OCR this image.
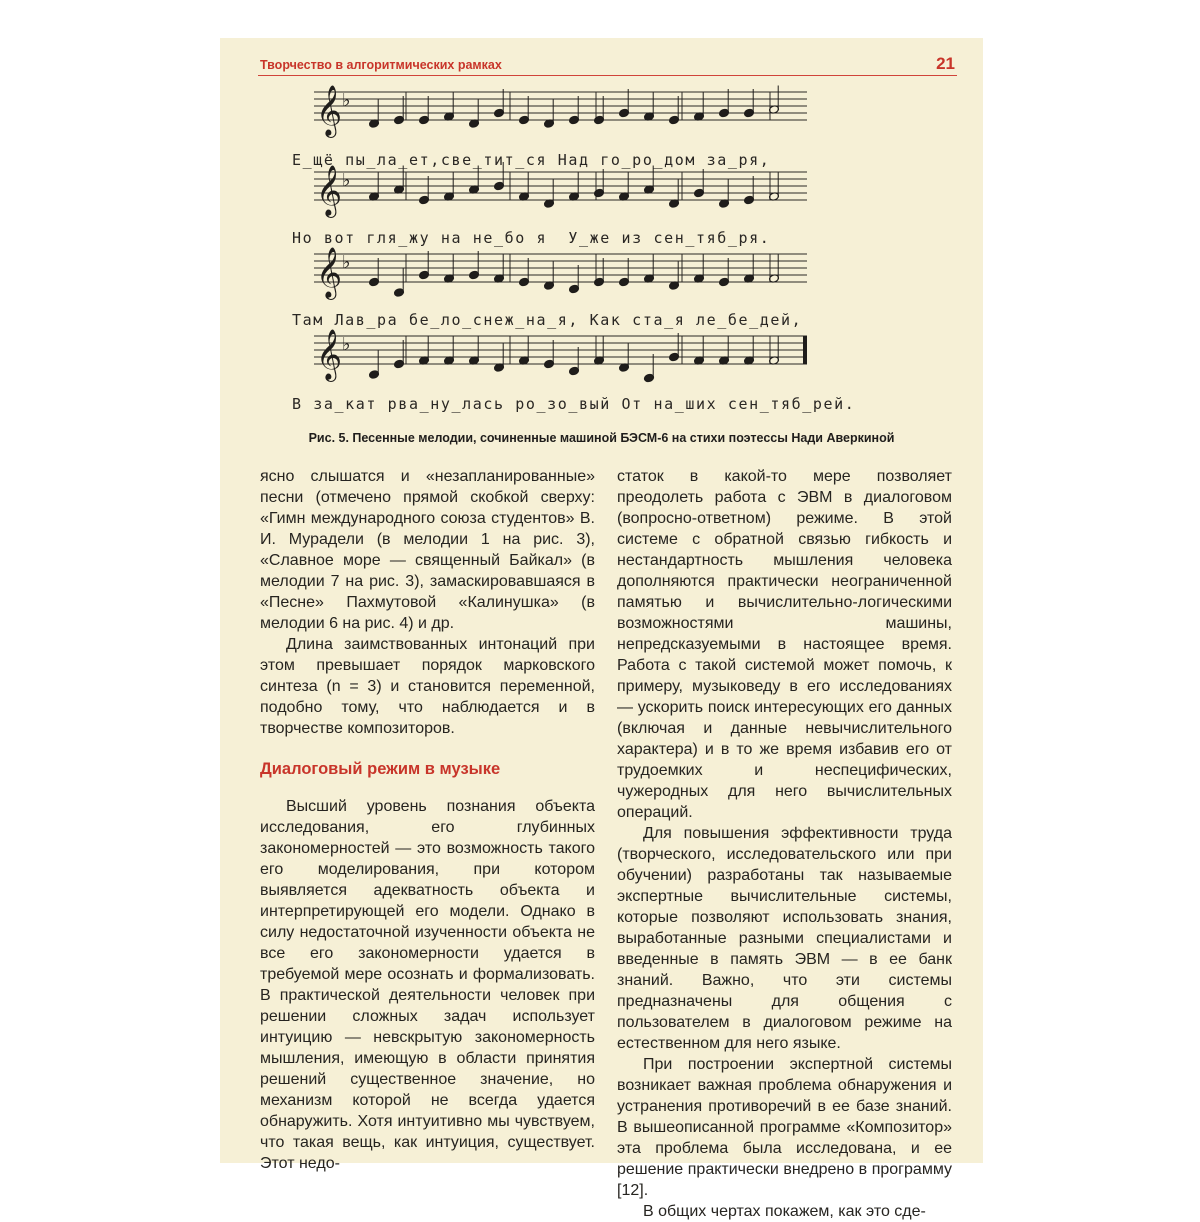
Творчество в алгоритмических рамках	21
𝄞 ♭
𝄞 ♭
𝄞 ♭
𝄞 ♭
Е_щё пы_ла_ет,све_тит_ся Над го_ро_дом за_ря,
Но вот гля_жу на не_бо я  У_же из сен_тяб_ря.
Там Лав_ра бе_ло_снеж_на_я, Как ста_я ле_бе_дей,
В за_кат рва_ну_лась ро_зо_вый От на_ших сен_тяб_рей.
Рис. 5. Песенные мелодии, сочиненные машиной БЭСМ-6 на стихи поэтессы Нади Аверкиной

ясно слышатся и «незапланированные» песни (отмечено прямой скобкой сверху: «Гимн международного союза студентов» В. И. Мурадели (в мелодии 1 на рис. 3), «Славное море — священный Байкал» (в мелодии 7 на рис. 3), замаскировавшаяся в «Песне» Пахмутовой «Калинушка» (в мелодии 6 на рис. 4) и др.

Длина заимствованных интонаций при этом превышает порядок марковского синтеза (n = 3) и становится переменной, подобно тому, что наблюдается и в творчестве композиторов.

Диалоговый режим в музыке

Высший уровень познания объекта исследования, его глубинных закономерностей — это возможность такого его моделирования, при котором выявляется адекватность объекта и интерпретирующей его модели. Однако в силу недостаточной изученности объекта не все его закономерности удается в требуемой мере осознать и формализовать. В практической деятельности человек при решении сложных задач использует интуицию — невскрытую закономерность мышления, имеющую в области принятия решений существенное значение, но механизм которой не всегда удается обнаружить. Хотя интуитивно мы чувствуем, что такая вещь, как интуиция, существует. Этот недо-

статок в какой-то мере позволяет преодолеть работа с ЭВМ в диалоговом (вопросно-ответном) режиме. В этой системе с обратной связью гибкость и нестандартность мышления человека дополняются практически неограниченной памятью и вычислительно-логическими возможностями машины, непредсказуемыми в настоящее время. Работа с такой системой может помочь, к примеру, музыковеду в его исследованиях — ускорить поиск интересующих его данных (включая и данные невычислительного характера) и в то же время избавив его от трудоемких и неспецифических, чужеродных для него вычислительных операций.

Для повышения эффективности труда (творческого, исследовательского или при обучении) разработаны так называемые экспертные вычислительные системы, которые позволяют использовать знания, выработанные разными специалистами и введенные в память ЭВМ — в ее банк знаний. Важно, что эти системы предназначены для общения с пользователем в диалоговом режиме на естественном для него языке.

При построении экспертной системы возникает важная проблема обнаружения и устранения противоречий в ее базе знаний. В вышеописанной программе «Композитор» эта проблема была исследована, и ее решение практически внедрено в программу [12].

В общих чертах покажем, как это сде-
